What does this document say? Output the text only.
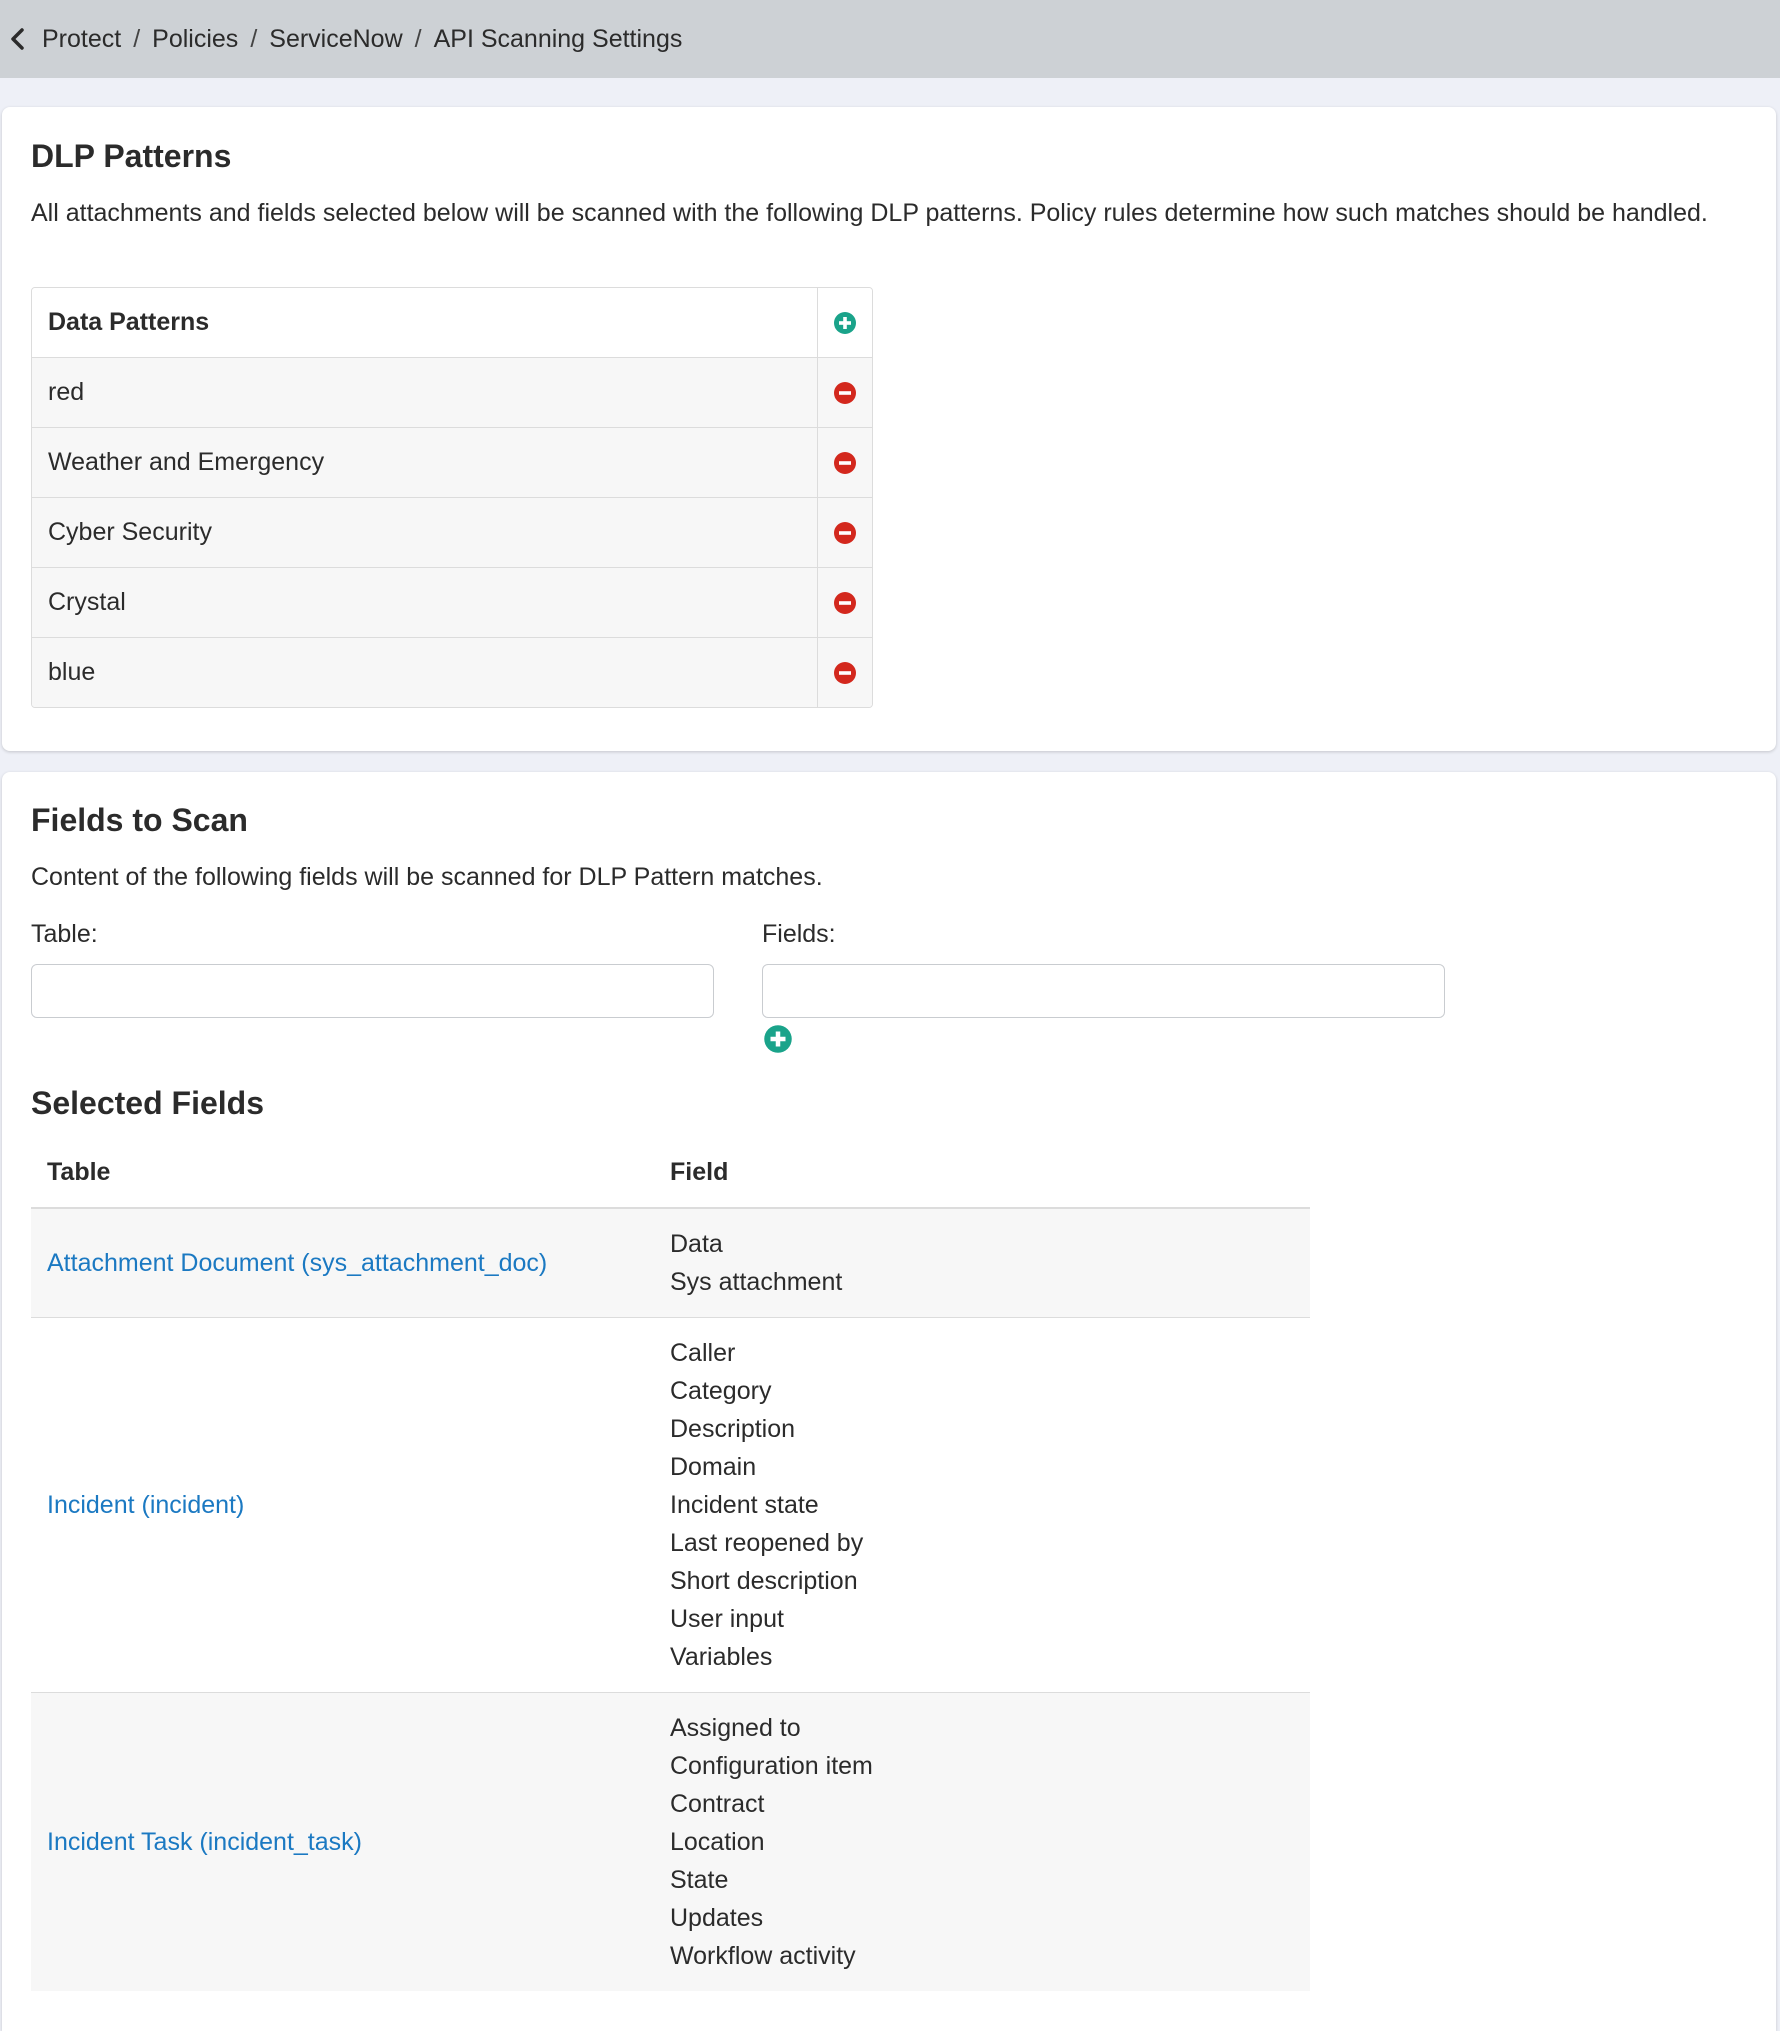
Protect / Policies / ServiceNow / API Scanning Settings
DLP Patterns

All attachments and fields selected below will be scanned with the following DLP patterns. Policy rules determine how such matches should be handled.

Data Patterns
red
Weather and Emergency
Cyber Security
Crystal
blue
Fields to Scan

Content of the following fields will be scanned for DLP Pattern matches.

Table:	Fields:
Selected Fields
Table	Field
Attachment Document (sys_attachment_doc)
Data
Sys attachment
Incident (incident)
Caller
Category
Description
Domain
Incident state
Last reopened by
Short description
User input
Variables
Incident Task (incident_task)
Assigned to
Configuration item
Contract
Location
State
Updates
Workflow activity
